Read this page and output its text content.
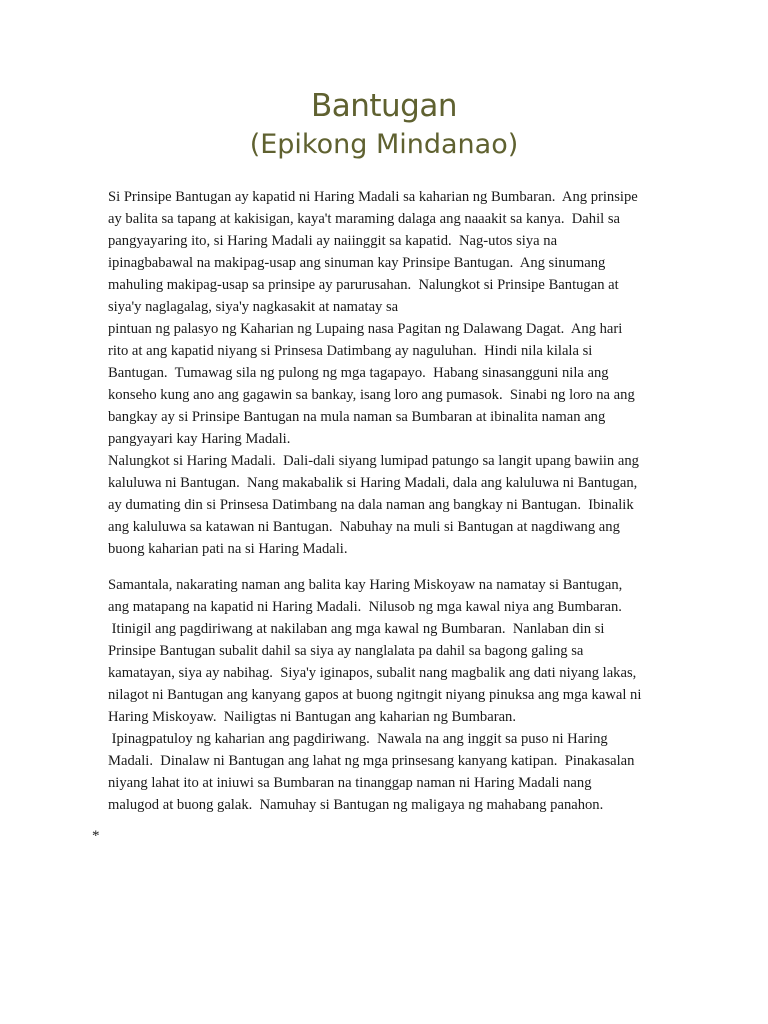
Bantugan
(Epikong Mindanao)
Si Prinsipe Bantugan ay kapatid ni Haring Madali sa kaharian ng Bumbaran.  Ang prinsipe
ay balita sa tapang at kakisigan, kaya't maraming dalaga ang naaakit sa kanya.  Dahil sa
pangyayaring ito, si Haring Madali ay naiinggit sa kapatid.  Nag-utos siya na
ipinagbabawal na makipag-usap ang sinuman kay Prinsipe Bantugan.  Ang sinumang
mahuling makipag-usap sa prinsipe ay parurusahan.  Nalungkot si Prinsipe Bantugan at
siya'y naglagalag, siya'y nagkasakit at namatay sa
pintuan ng palasyo ng Kaharian ng Lupaing nasa Pagitan ng Dalawang Dagat.  Ang hari
rito at ang kapatid niyang si Prinsesa Datimbang ay naguluhan.  Hindi nila kilala si
Bantugan.  Tumawag sila ng pulong ng mga tagapayo.  Habang sinasangguni nila ang
konseho kung ano ang gagawin sa bankay, isang loro ang pumasok.  Sinabi ng loro na ang
bangkay ay si Prinsipe Bantugan na mula naman sa Bumbaran at ibinalita naman ang
pangyayari kay Haring Madali.
Nalungkot si Haring Madali.  Dali-dali siyang lumipad patungo sa langit upang bawiin ang
kaluluwa ni Bantugan.  Nang makabalik si Haring Madali, dala ang kaluluwa ni Bantugan,
ay dumating din si Prinsesa Datimbang na dala naman ang bangkay ni Bantugan.  Ibinalik
ang kaluluwa sa katawan ni Bantugan.  Nabuhay na muli si Bantugan at nagdiwang ang
buong kaharian pati na si Haring Madali.
Samantala, nakarating naman ang balita kay Haring Miskoyaw na namatay si Bantugan,
ang matapang na kapatid ni Haring Madali.  Nilusob ng mga kawal niya ang Bumbaran.
Itinigil ang pagdiriwang at nakilaban ang mga kawal ng Bumbaran.  Nanlaban din si
Prinsipe Bantugan subalit dahil sa siya ay nanglalata pa dahil sa bagong galing sa
kamatayan, siya ay nabihag.  Siya'y iginapos, subalit nang magbalik ang dati niyang lakas,
nilagot ni Bantugan ang kanyang gapos at buong ngitngit niyang pinuksa ang mga kawal ni
Haring Miskoyaw.  Nailigtas ni Bantugan ang kaharian ng Bumbaran.
Ipinagpatuloy ng kaharian ang pagdiriwang.  Nawala na ang inggit sa puso ni Haring
Madali.  Dinalaw ni Bantugan ang lahat ng mga prinsesang kanyang katipan.  Pinakasalan
niyang lahat ito at iniuwi sa Bumbaran na tinanggap naman ni Haring Madali nang
malugod at buong galak.  Namuhay si Bantugan ng maligaya ng mahabang panahon.
*
